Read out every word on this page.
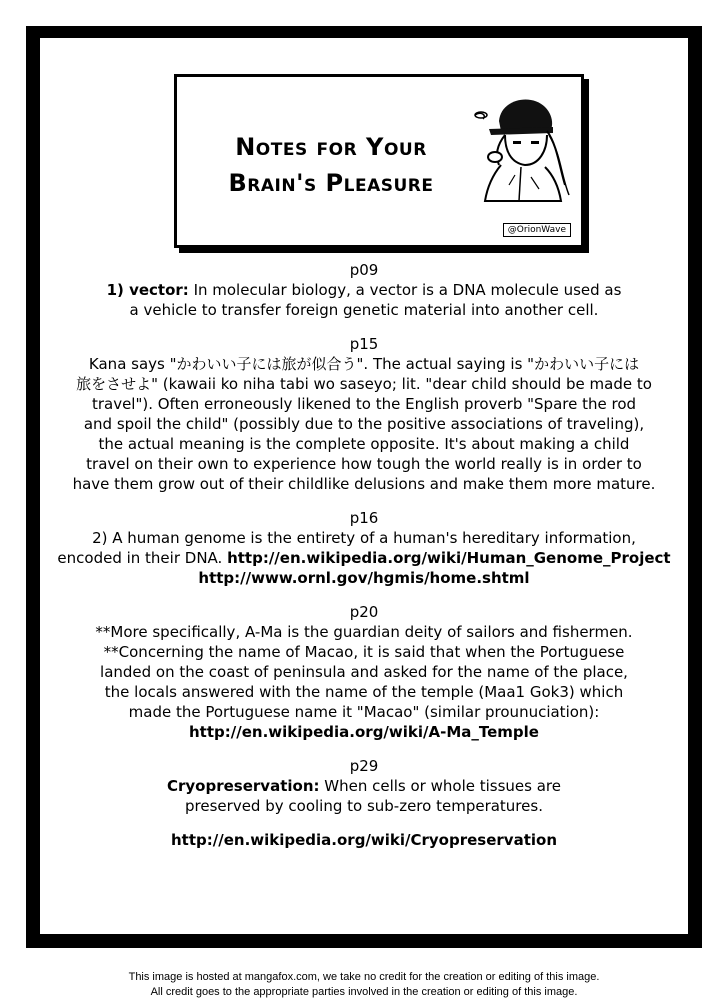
Notes for Your
Brain's Pleasure
@OrionWave
p09
1) vector: In molecular biology, a vector is a DNA molecule used as
a vehicle to transfer foreign genetic material into another cell.
p15
Kana says "かわいい子には旅が似合う". The actual saying is "かわいい子には
旅をさせよ" (kawaii ko niha tabi wo saseyo; lit. "dear child should be made to
travel"). Often erroneously likened to the English proverb "Spare the rod
and spoil the child" (possibly due to the positive associations of traveling),
the actual meaning is the complete opposite. It's about making a child
travel on their own to experience how tough the world really is in order to
have them grow out of their childlike delusions and make them more mature.
p16
2) A human genome is the entirety of a human's hereditary information,
encoded in their DNA. http://en.wikipedia.org/wiki/Human_Genome_Project
http://www.ornl.gov/hgmis/home.shtml
p20
**More specifically, A-Ma is the guardian deity of sailors and fishermen.
**Concerning the name of Macao, it is said that when the Portuguese
landed on the coast of peninsula and asked for the name of the place,
the locals answered with the name of the temple (Maa1 Gok3) which
made the Portuguese name it "Macao" (similar prounuciation):
http://en.wikipedia.org/wiki/A-Ma_Temple
p29
Cryopreservation: When cells or whole tissues are
preserved by cooling to sub-zero temperatures.
http://en.wikipedia.org/wiki/Cryopreservation
This image is hosted at mangafox.com, we take no credit for the creation or editing of this image.
All credit goes to the appropriate parties involved in the creation or editing of this image.
